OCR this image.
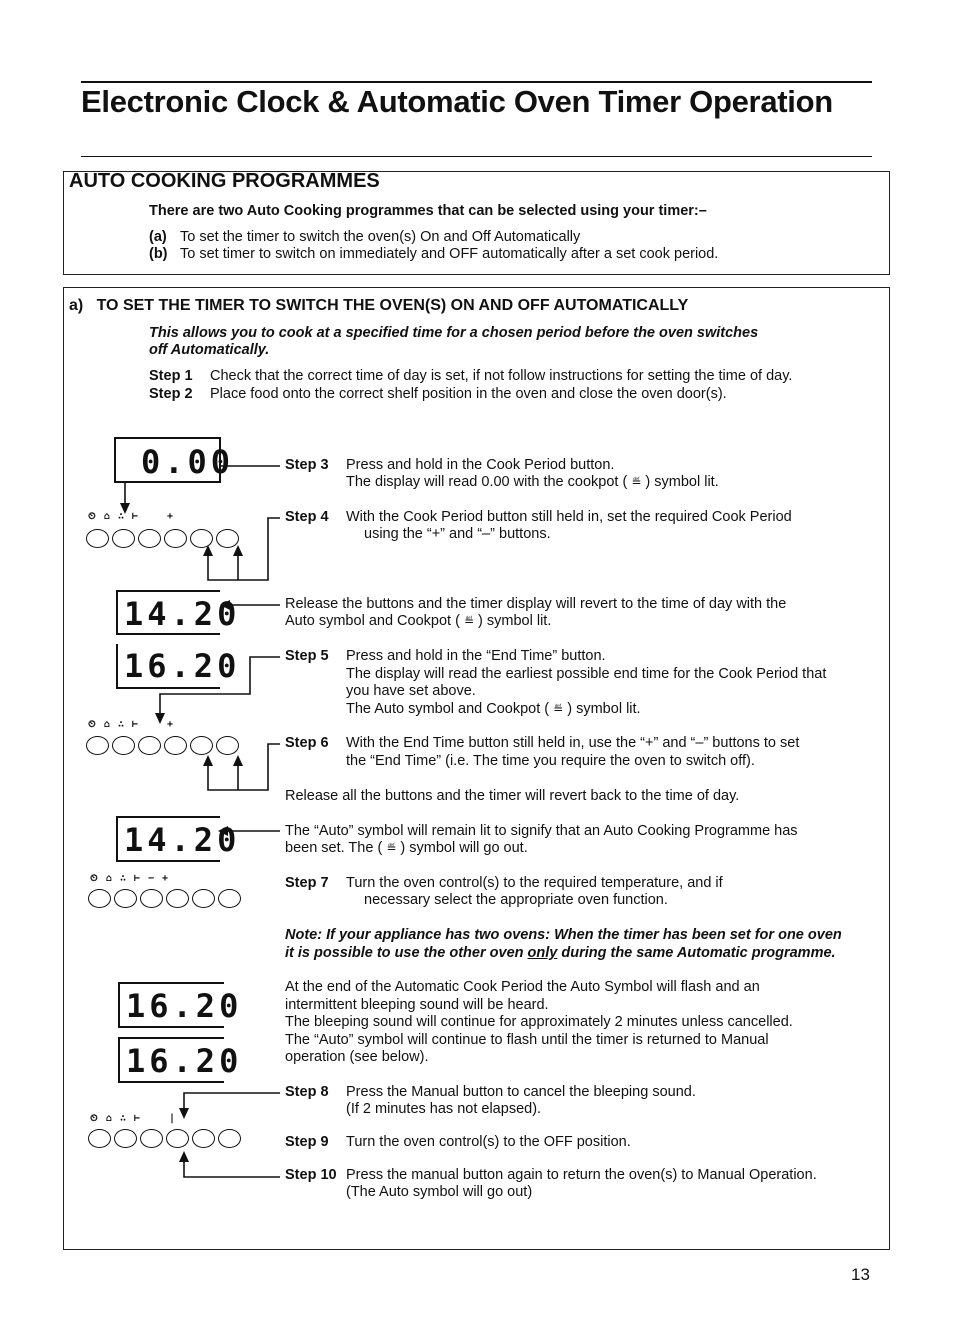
Electronic Clock & Automatic Oven Timer Operation
AUTO COOKING PROGRAMMES
There are two Auto Cooking programmes that can be selected using your timer:–
(a) To set the timer to switch the oven(s) On and Off Automatically
(b) To set timer to switch on immediately and OFF automatically after a set cook period.
a)   TO SET THE TIMER TO SWITCH THE OVEN(S) ON AND OFF AUTOMATICALLY
This allows you to cook at a specified time for a chosen period before the oven switches
off Automatically.
Step 1 Check that the correct time of day is set, if not follow instructions for setting the time of day.
Step 2 Place food onto the correct shelf position in the oven and close the oven door(s).
0.00
14.20
16.20
14.20
16.20
16.20
⏲ ⌂ ∴ ⊢    +
⏲ ⌂ ∴ ⊢    +
⏲ ⌂ ∴ ⊢ − +
⏲ ⌂ ∴ ⊢    |
Step 3 Press and hold in the Cook Period button.
The display will read 0.00 with the cookpot ( ≝ ) symbol lit.
Step 4 With the Cook Period button still held in, set the required Cook Period
using the “+” and “–” buttons.
Release the buttons and the timer display will revert to the time of day with the
Auto symbol and Cookpot ( ≝ ) symbol lit.
Step 5 Press and hold in the “End Time” button.
The display will read the earliest possible end time for the Cook Period that
you have set above.
The Auto symbol and Cookpot ( ≝ ) symbol lit.
Step 6 With the End Time button still held in, use the “+” and “–” buttons to set
the “End Time” (i.e. The time you require the oven to switch off).
Release all the buttons and the timer will revert back to the time of day.
The “Auto” symbol will remain lit to signify that an Auto Cooking Programme has
been set. The ( ≝ ) symbol will go out.
Step 7 Turn the oven control(s) to the required temperature, and if
necessary select the appropriate oven function.
Note: If your appliance has two ovens: When the timer has been set for one oven
it is possible to use the other oven only during the same Automatic programme.
At the end of the Automatic Cook Period the Auto Symbol will flash and an
intermittent bleeping sound will be heard.
The bleeping sound will continue for approximately 2 minutes unless cancelled.
The “Auto” symbol will continue to flash until the timer is returned to Manual
operation (see below).
Step 8 Press the Manual button to cancel the bleeping sound.
(If 2 minutes has not elapsed).
Step 9 Turn the oven control(s) to the OFF position.
Step 10 Press the manual button again to return the oven(s) to Manual Operation.
(The Auto symbol will go out)
13
